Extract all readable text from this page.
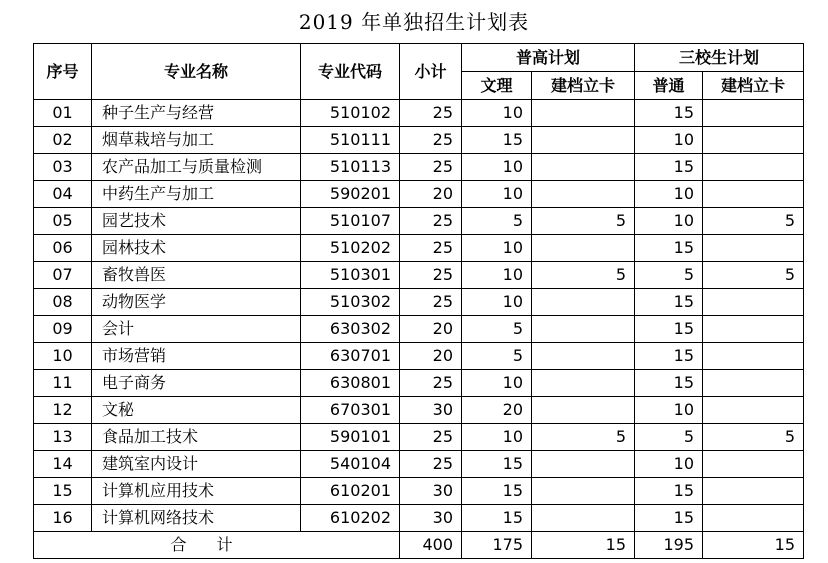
2019 年单独招生计划表
序号	专业名称	专业代码	小计	普高计划		三校生计划	
				文理	建档立卡	普通	建档立卡
01	种子生产与经营	510102	25	10		15	
02	烟草栽培与加工	510111	25	15		10	
03	农产品加工与质量检测	510113	25	10		15	
04	中药生产与加工	590201	20	10		10	
05	园艺技术	510107	25	5	5	10	5
06	园林技术	510202	25	10		15	
07	畜牧兽医	510301	25	10	5	5	5
08	动物医学	510302	25	10		15	
09	会计	630302	20	5		15	
10	市场营销	630701	20	5		15	
11	电子商务	630801	25	10		15	
12	文秘	670301	30	20		10	
13	食品加工技术	590101	25	10	5	5	5
14	建筑室内设计	540104	25	15		10	
15	计算机应用技术	610201	30	15		15	
16	计算机网络技术	610202	30	15		15	
合计			400	175	15	195	15
